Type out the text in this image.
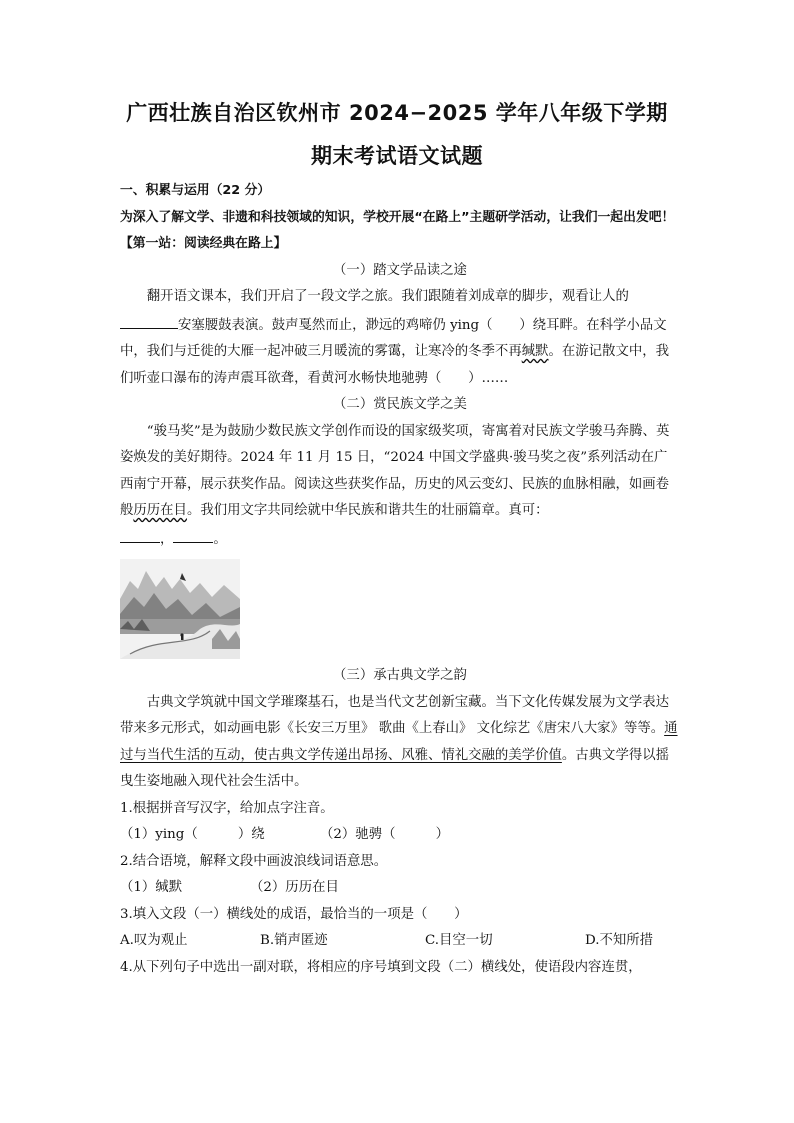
广西壮族自治区钦州市 2024−2025 学年八年级下学期
期末考试语文试题

一、积累与运用（22 分）

为深入了解文学、非遗和科技领域的知识，学校开展“在路上”主题研学活动，让我们一起出发吧！

【第一站：阅读经典在路上】

（一）踏文学品读之途

翻开语文课本，我们开启了一段文学之旅。我们跟随着刘成章的脚步，观看让人的
安塞腰鼓表演。鼓声戛然而止，渺远的鸡啼仍 ying（　　）绕耳畔。在科学小品文中，我们与迁徙的大雁一起冲破三月暖流的雾霭，让寒冷的冬季不再缄默。在游记散文中，我们听壶口瀑布的涛声震耳欲聋，看黄河水畅快地驰骋（　　）……

（二）赏民族文学之美

“骏马奖”是为鼓励少数民族文学创作而设的国家级奖项，寄寓着对民族文学骏马奔腾、英姿焕发的美好期待。2024 年 11 月 15 日，“2024 中国文学盛典·骏马奖之夜”系列活动在广西南宁开幕，展示获奖作品。阅读这些获奖作品，历史的风云变幻、民族的血脉相融，如画卷般历历在目。我们用文字共同绘就中华民族和谐共生的壮丽篇章。真可：

，	。

（三）承古典文学之韵

古典文学筑就中国文学璀璨基石，也是当代文艺创新宝藏。当下文化传媒发展为文学表达带来多元形式，如动画电影《长安三万里》 歌曲《上春山》 文化综艺《唐宋八大家》等等。通过与当代生活的互动，使古典文学传递出昂扬、风雅、情礼交融的美学价值。古典文学得以摇曳生姿地融入现代社会生活中。

1.根据拼音写汉字，给加点字注音。

（1）ying（　　　）绕	（2）驰骋（　　　）

2.结合语境，解释文段中画波浪线词语意思。

（1）缄默	（2）历历在目

3.填入文段（一）横线处的成语，最恰当的一项是（　　）

A.叹为观止	B.销声匿迹	C.目空一切	D.不知所措

4.从下列句子中选出一副对联，将相应的序号填到文段（二）横线处，使语段内容连贯，
